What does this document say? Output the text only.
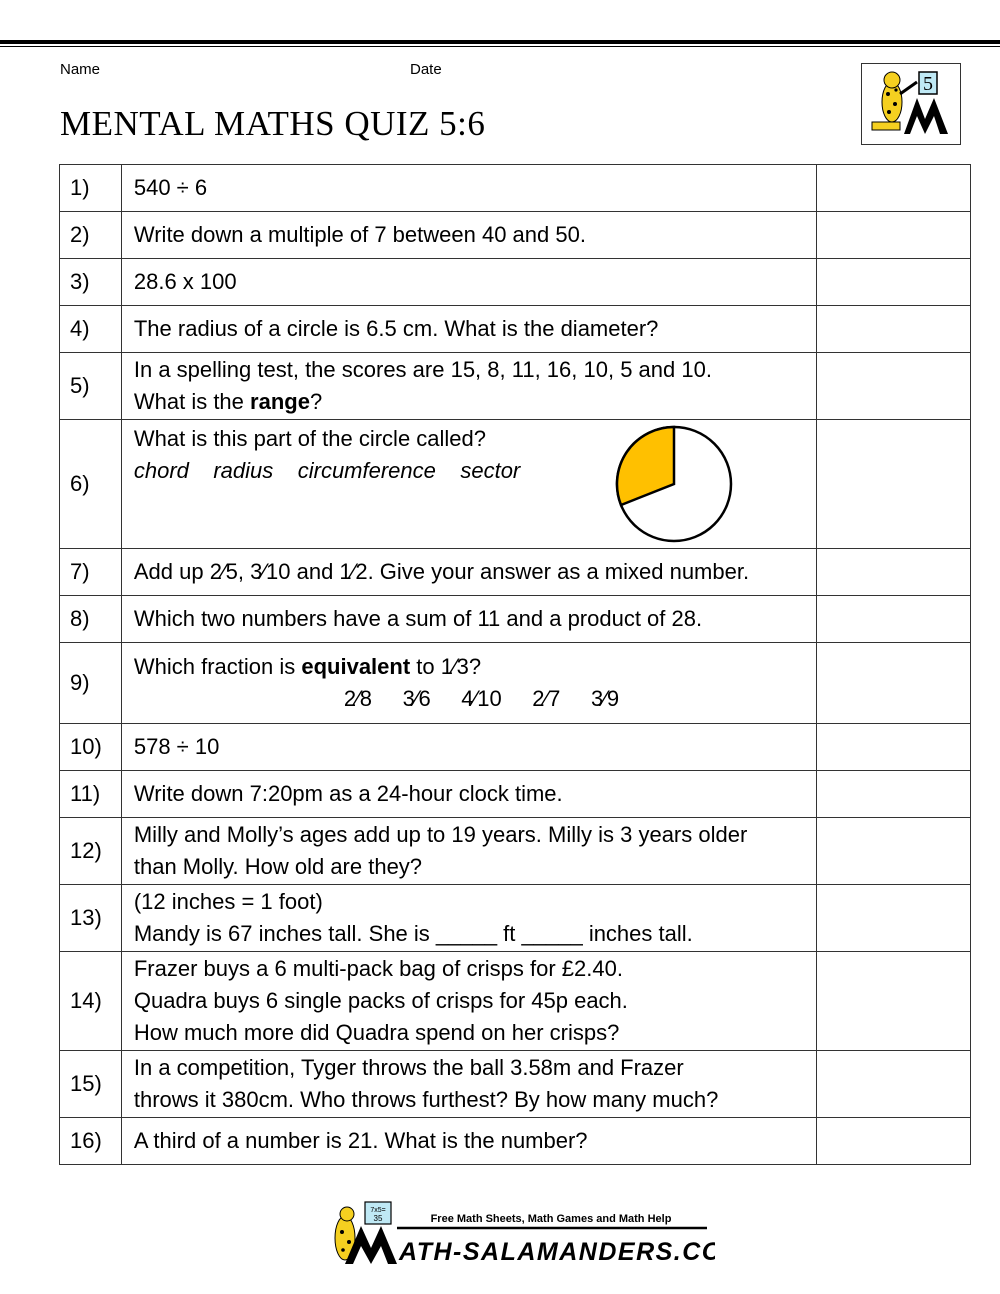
Name	Date
MENTAL MATHS QUIZ 5:6
5
1)	540 ÷ 6	
2)	Write down a multiple of 7 between 40 and 50.	
3)	28.6 x 100	
4)	The radius of a circle is 6.5 cm. What is the diameter?	
5)	In a spelling test, the scores are 15, 8, 11, 16, 10, 5 and 10.
What is the range?	

6)	What is this part of the circle called?
chord radius circumference sector	

7)	Add up 2⁄5, 3⁄10 and 1⁄2. Give your answer as a mixed number.	
8)	Which two numbers have a sum of 11 and a product of 28.	
9)	Which fraction is equivalent to 1⁄3?
2⁄8 3⁄6 4⁄10 2⁄7 3⁄9	

10)	578 ÷ 10	
11)	Write down 7:20pm as a 24-hour clock time.	
12)	Milly and Molly’s ages add up to 19 years. Milly is 3 years older
than Molly. How old are they?	

13)	(12 inches = 1 foot)
Mandy is 67 inches tall. She is _____ ft _____ inches tall.	

14)	Frazer buys a 6 multi-pack bag of crisps for £2.40.
Quadra buys 6 single packs of crisps for 45p each.
How much more did Quadra spend on her crisps?	

15)	In a competition, Tyger throws the ball 3.58m and Frazer
throws it 380cm. Who throws furthest? By how many much?	

16)	A third of a number is 21. What is the number?	
7x5=
35	Free Math Sheets, Math Games and Math Help
ATH-SALAMANDERS.COM
